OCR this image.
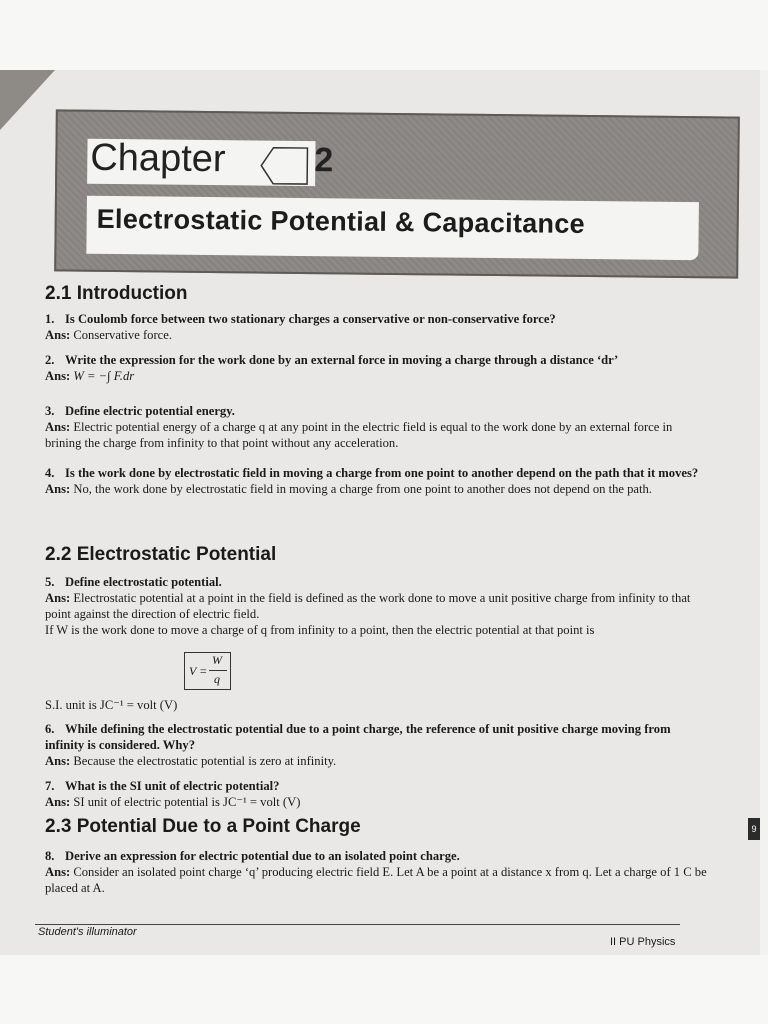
Chapter	2
Electrostatic Potential & Capacitance
2.1 Introduction
1. Is Coulomb force between two stationary charges a conservative or non-conservative force?
Ans: Conservative force.
2. Write the expression for the work done by an external force in moving a charge through a distance ‘dr’
Ans: W = −∫ F.dr
3. Define electric potential energy.
Ans: Electric potential energy of a charge q at any point in the electric field is equal to the work done by an external force in brining the charge from infinity to that point without any acceleration.
4. Is the work done by electrostatic field in moving a charge from one point to another depend on the path that it moves?
Ans: No, the work done by electrostatic field in moving a charge from one point to another does not depend on the path.
2.2 Electrostatic Potential
5. Define electrostatic potential.
Ans: Electrostatic potential at a point in the field is defined as the work done to move a unit positive charge from infinity to that point against the direction of electric field.
If W is the work done to move a charge of q from infinity to a point, then the electric potential at that point is
V =
W
q
S.I. unit is JC⁻¹ = volt (V)
6. While defining the electrostatic potential due to a point charge, the reference of unit positive charge moving from infinity is considered. Why?
Ans: Because the electrostatic potential is zero at infinity.
7. What is the SI unit of electric potential?
Ans: SI unit of electric potential is JC⁻¹ = volt (V)
2.3 Potential Due to a Point Charge
8. Derive an expression for electric potential due to an isolated point charge.
Ans: Consider an isolated point charge ‘q’ producing electric field E. Let A be a point at a distance x from q. Let a charge of 1 C be placed at A.
Student's illuminator
II PU Physics
9
